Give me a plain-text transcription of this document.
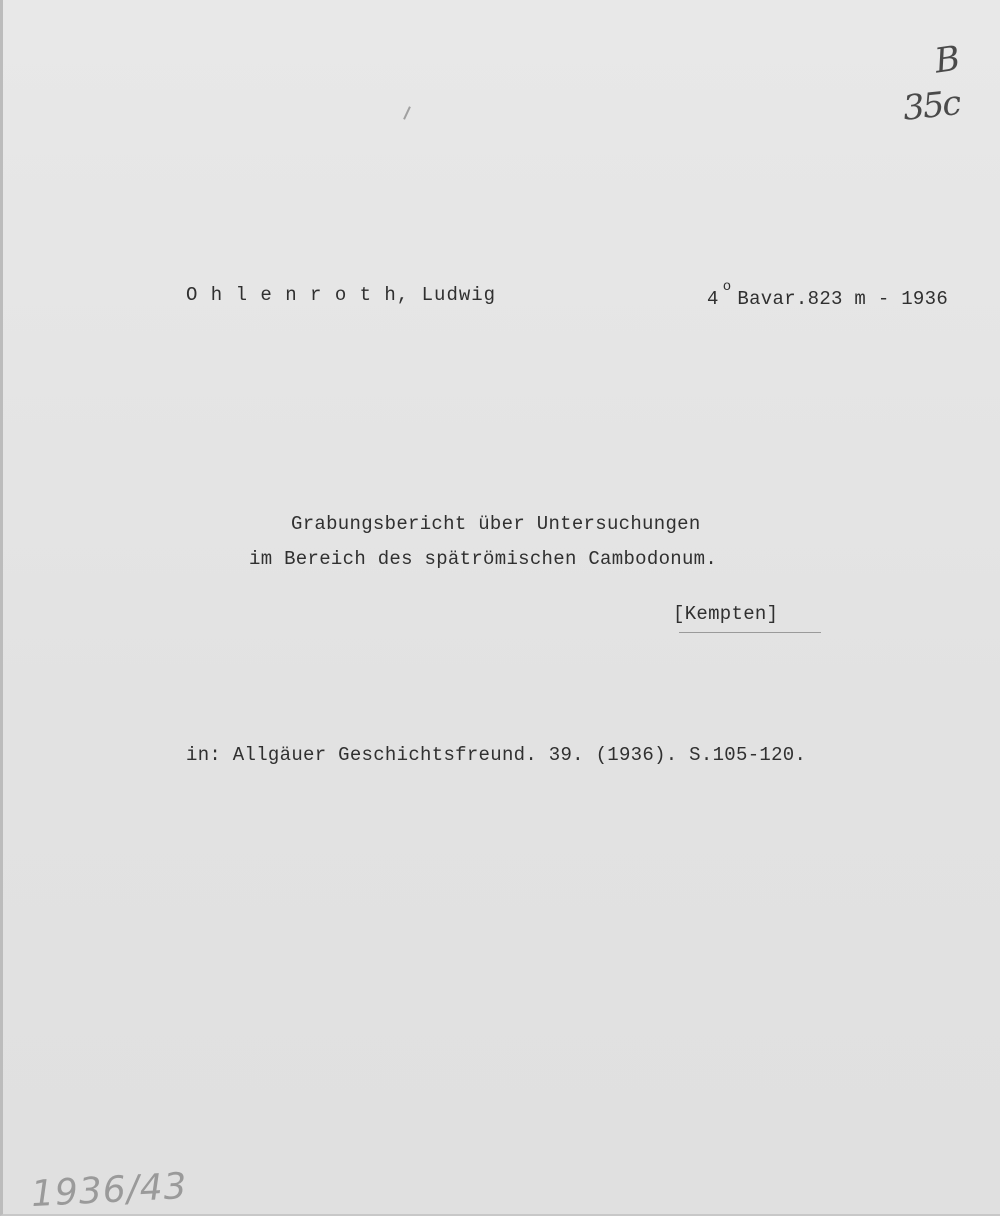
B
35c
O h l e n r o t h, Ludwig	4$^o$Bavar.823 m - 1936
Grabungsbericht über Untersuchungen
im Bereich des spätrömischen Cambodonum.
[Kempten]
in: Allgäuer Geschichtsfreund. 39. (1936). S.105-120.
1936/43
